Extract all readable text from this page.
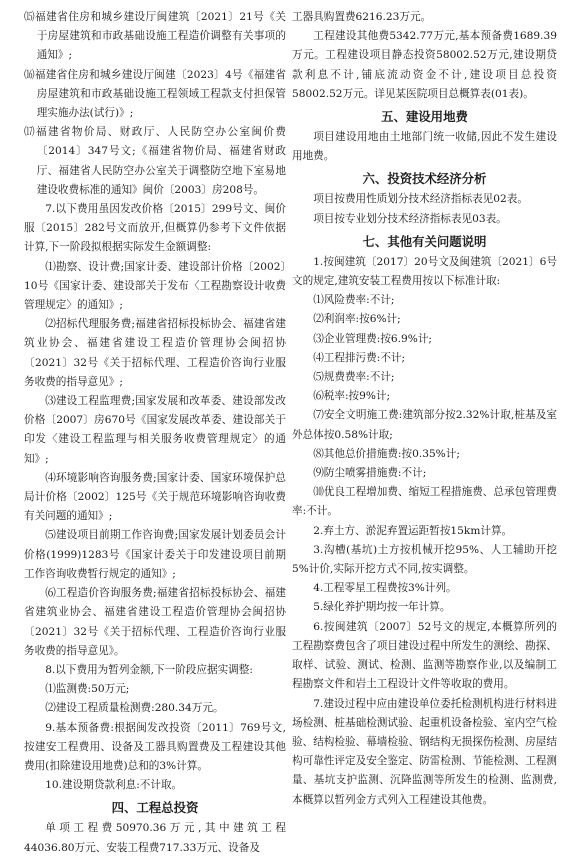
⒂福建省住房和城乡建设厅闽建筑〔2021〕21号《关于房屋建筑和市政基础设施工程造价调整有关事项的通知》;

⒃福建省住房和城乡建设厅闽建〔2023〕4号《福建省房屋建筑和市政基础设施工程领域工程款支付担保管理实施办法(试行)》;

⒄福建省物价局、财政厅、人民防空办公室闽价费〔2014〕347号文;《福建省物价局、福建省财政厅、福建省人民防空办公室关于调整防空地下室易地建设收费标准的通知》闽价〔2003〕房208号。

7.以下费用虽因发改价格〔2015〕299号文、闽价服〔2015〕282号文而放开,但概算仍参考下文件依据计算,下一阶段拟根据实际发生金额调整:

⑴勘察、设计费;国家计委、建设部计价格〔2002〕10号《国家计委、建设部关于发布〈工程勘察设计收费管理规定〉的通知》;

⑵招标代理服务费;福建省招标投标协会、福建省建筑业协会、福建省建设工程造价管理协会闽招协〔2021〕32号《关于招标代理、工程造价咨询行业服务收费的指导意见》;

⑶建设工程监理费;国家发展和改革委、建设部发改价格〔2007〕房670号《国家发展改革委、建设部关于印发〈建设工程监理与相关服务收费管理规定〉的通知》;

⑷环境影响咨询服务费;国家计委、国家环境保护总局计价格〔2002〕125号《关于规范环境影响咨询收费有关问题的通知》;

⑸建设项目前期工作咨询费;国家发展计划委员会计价格(1999)1283号《国家计委关于印发建设项目前期工作咨询收费暂行规定的通知》;

⑹工程造价咨询服务费;福建省招标投标协会、福建省建筑业协会、福建省建设工程造价管理协会闽招协〔2021〕32号《关于招标代理、工程造价咨询行业服务收费的指导意见》。

8.以下费用为暂列金额,下一阶段应据实调整:

⑴监测费:50万元;

⑵建设工程质量检测费:280.34万元。

9.基本预备费:根据闽发改投资〔2011〕769号文,按建安工程费用、设备及工器具购置费及工程建设其他费用(扣除建设用地费)总和的3%计算。

10.建设期贷款利息:不计取。

四、工程总投资

单项工程费50970.36万元,其中建筑工程44036.80万元、安装工程费717.33万元、设备及

工器具购置费6216.23万元。

工程建设其他费5342.77万元,基本预备费1689.39万元。工程建设项目静态投资58002.52万元,建设期贷款利息不计,铺底流动资金不计,建设项目总投资58002.52万元。详见某医院项目总概算表(01表)。

五、建设用地费

项目建设用地由土地部门统一收储,因此不发生建设用地费。

六、投资技术经济分析

项目按费用性质划分技术经济指标表见02表。

项目按专业划分技术经济指标表见03表。

七、其他有关问题说明

1.按闽建筑〔2017〕20号文及闽建筑〔2021〕6号文的规定,建筑安装工程费用按以下标准计取:

⑴风险费率:不计;

⑵利润率:按6%计;

⑶企业管理费:按6.9%计;

⑷工程排污费:不计;

⑸规费费率:不计;

⑹税率:按9%计;

⑺安全文明施工费:建筑部分按2.32%计取,桩基及室外总体按0.58%计取;

⑻其他总价措施费:按0.35%计;

⑼防尘喷雾措施费:不计;

⑽优良工程增加费、缩短工程措施费、总承包管理费率:不计。

2.弃土方、淤泥弃置运距暂按15km计算。

3.沟槽(基坑)土方按机械开挖95%、人工辅助开挖5%计价,实际开挖方式不同,按实调整。

4.工程零星工程费按3%计列。

5.绿化养护期均按一年计算。

6.按闽建筑〔2007〕52号文的规定,本概算所列的工程勘察费包含了项目建设过程中所发生的测绘、勘探、取样、试验、测试、检测、监测等勘察作业,以及编制工程勘察文件和岩土工程设计文件等收取的费用。

7.建设过程中应由建设单位委托检测机构进行材料进场检测、桩基础检测试验、起重机设备检验、室内空气检验、结构检验、幕墙检验、钢结构无损探伤检测、房屋结构可靠性评定及安全鉴定、防雷检测、节能检测、工程测量、基坑支护监测、沉降监测等所发生的检测、监测费,本概算以暂列金方式列入工程建设其他费。
